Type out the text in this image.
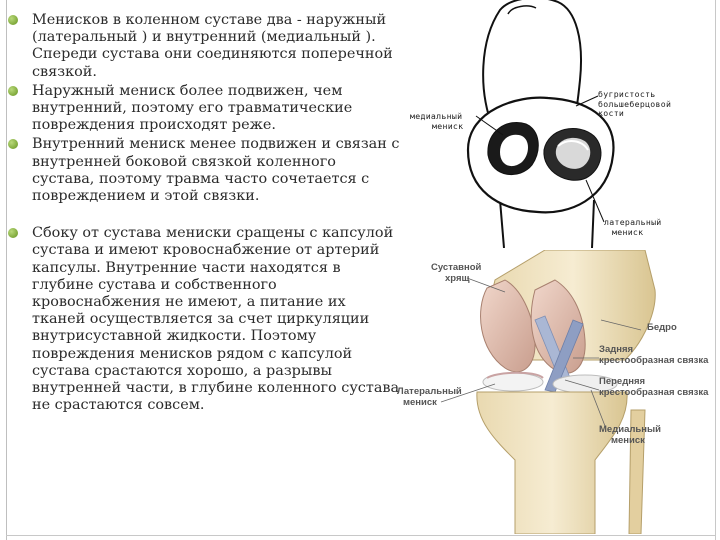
Менисков в коленном суставе два - наружный (латеральный ) и внутренний (медиальный ). Спереди сустава они соединяются поперечной связкой.
Наружный мениск более подвижен, чем внутренний, поэтому его травматические повреждения происходят реже.
Внутренний мениск менее подвижен и связан с внутренней боковой связкой коленного сустава, поэтому травма часто сочетается с повреждением и этой связки.
Сбоку от сустава мениски сращены с капсулой сустава и имеют кровоснабжение от артерий капсулы. Внутренние части находятся в глубине сустава и собственного кровоснабжения не имеют, а питание их тканей осуществляется за счет циркуляции внутрисуставной жидкости. Поэтому повреждения менисков рядом с капсулой сустава срастаются хорошо, а разрывы внутренней части, в глубине коленного сустава не срастаются совсем.
бугристость
большеберцовой
кости
медиальный
мениск
латеральный
мениск
Суставной
хрящ
Бедро
Задняя
крестообразная связка
Передняя
крестообразная связка
Латеральный
мениск
Медиальный
мениск
